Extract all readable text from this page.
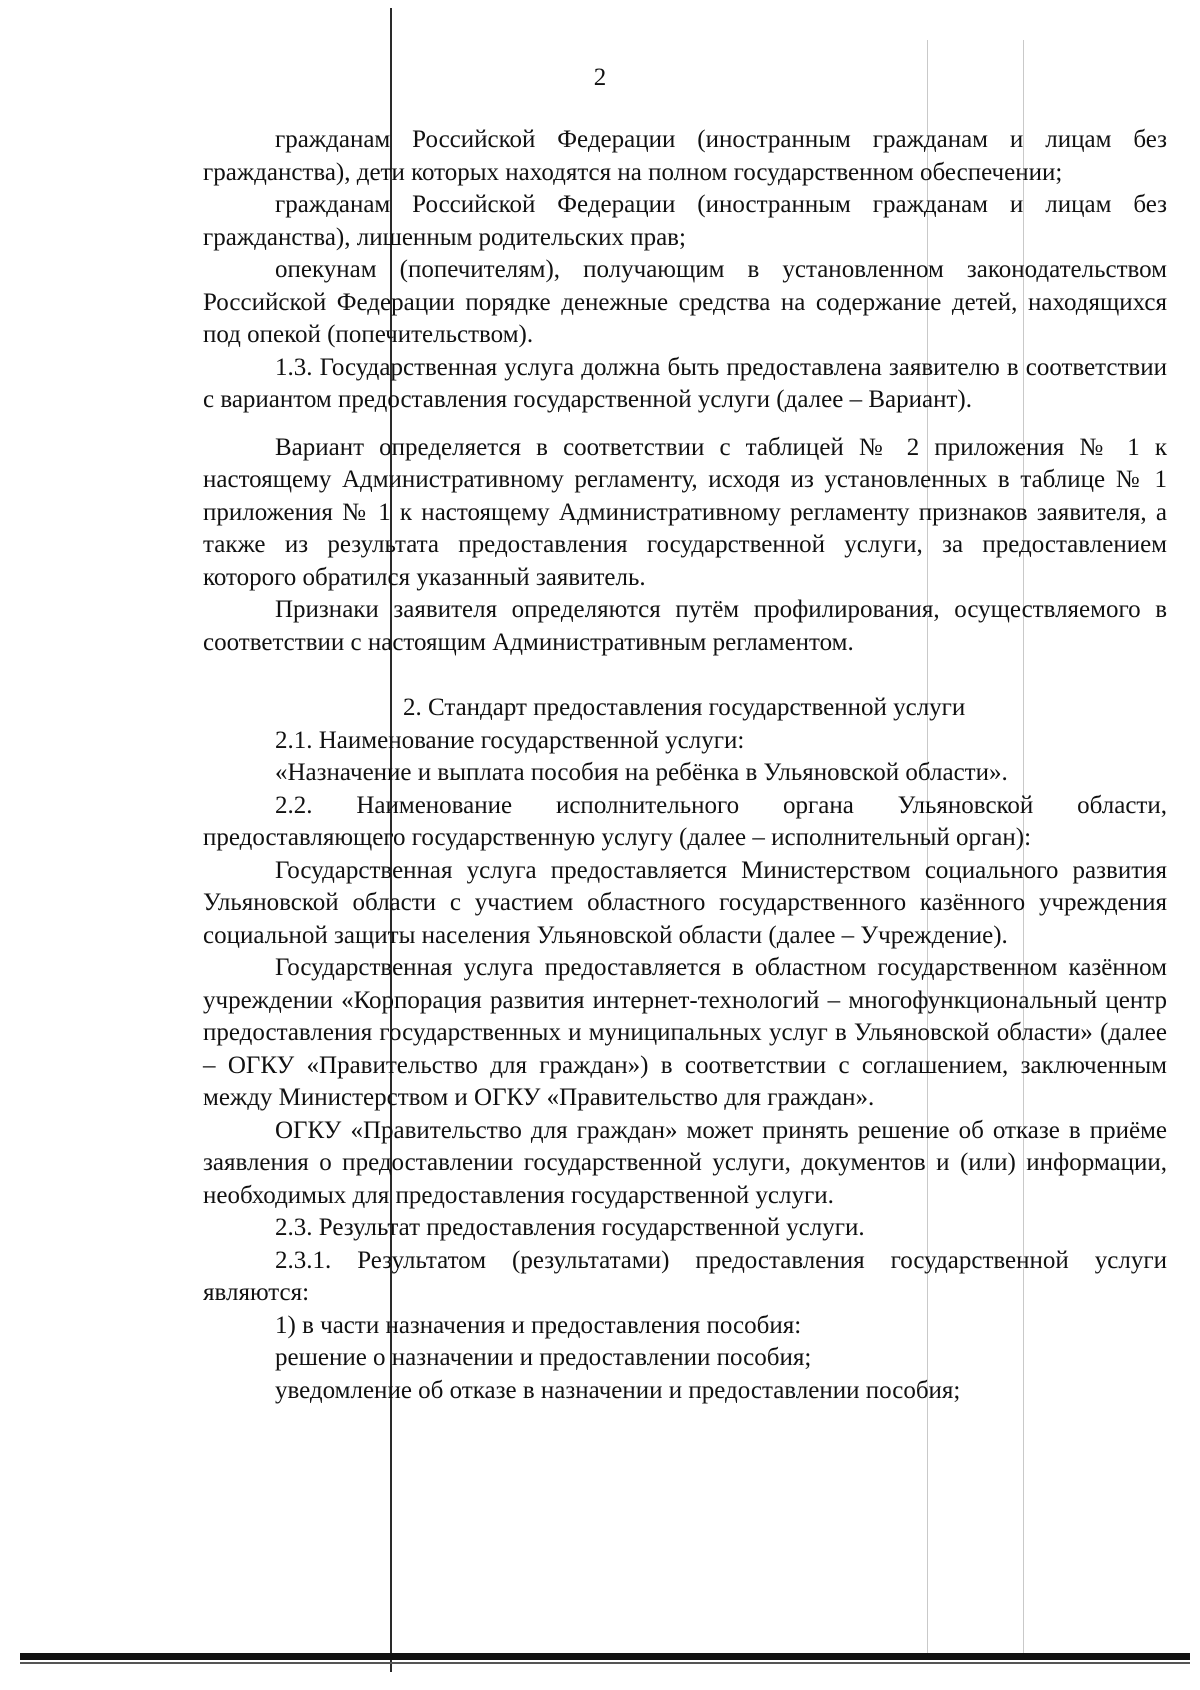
2

гражданам Российской Федерации (иностранным гражданам и лицам без гражданства), дети которых находятся на полном государственном обеспечении;

гражданам Российской Федерации (иностранным гражданам и лицам без гражданства), лишенным родительских прав;

опекунам (попечителям), получающим в установленном законодательством Российской Федерации порядке денежные средства на содержание детей, находящихся под опекой (попечительством).

1.3. Государственная услуга должна быть предоставлена заявителю в соответствии с вариантом предоставления государственной услуги (далее – Вариант).

Вариант определяется в соответствии с таблицей № 2 приложения № 1 к настоящему Административному регламенту, исходя из установленных в таблице № 1 приложения № 1 к настоящему Административному регламенту признаков заявителя, а также из результата предоставления государственной услуги, за предоставлением которого обратился указанный заявитель.

Признаки заявителя определяются путём профилирования, осуществляемого в соответствии с настоящим Административным регламентом.

2. Стандарт предоставления государственной услуги

2.1. Наименование государственной услуги:

«Назначение и выплата пособия на ребёнка в Ульяновской области».

2.2. Наименование исполнительного органа Ульяновской области, предоставляющего государственную услугу (далее – исполнительный орган):

Государственная услуга предоставляется Министерством социального развития Ульяновской области с участием областного государственного казённого учреждения социальной защиты населения Ульяновской области (далее – Учреждение).

Государственная услуга предоставляется в областном государственном казённом учреждении «Корпорация развития интернет-технологий – многофункциональный центр предоставления государственных и муниципальных услуг в Ульяновской области» (далее – ОГКУ «Правительство для граждан») в соответствии с соглашением, заключенным между Министерством и ОГКУ «Правительство для граждан».

ОГКУ «Правительство для граждан» может принять решение об отказе в приёме заявления о предоставлении государственной услуги, документов и (или) информации, необходимых для предоставления государственной услуги.

2.3. Результат предоставления государственной услуги.

2.3.1. Результатом (результатами) предоставления государственной услуги являются:

1) в части назначения и предоставления пособия:

решение о назначении и предоставлении пособия;

уведомление об отказе в назначении и предоставлении пособия;
